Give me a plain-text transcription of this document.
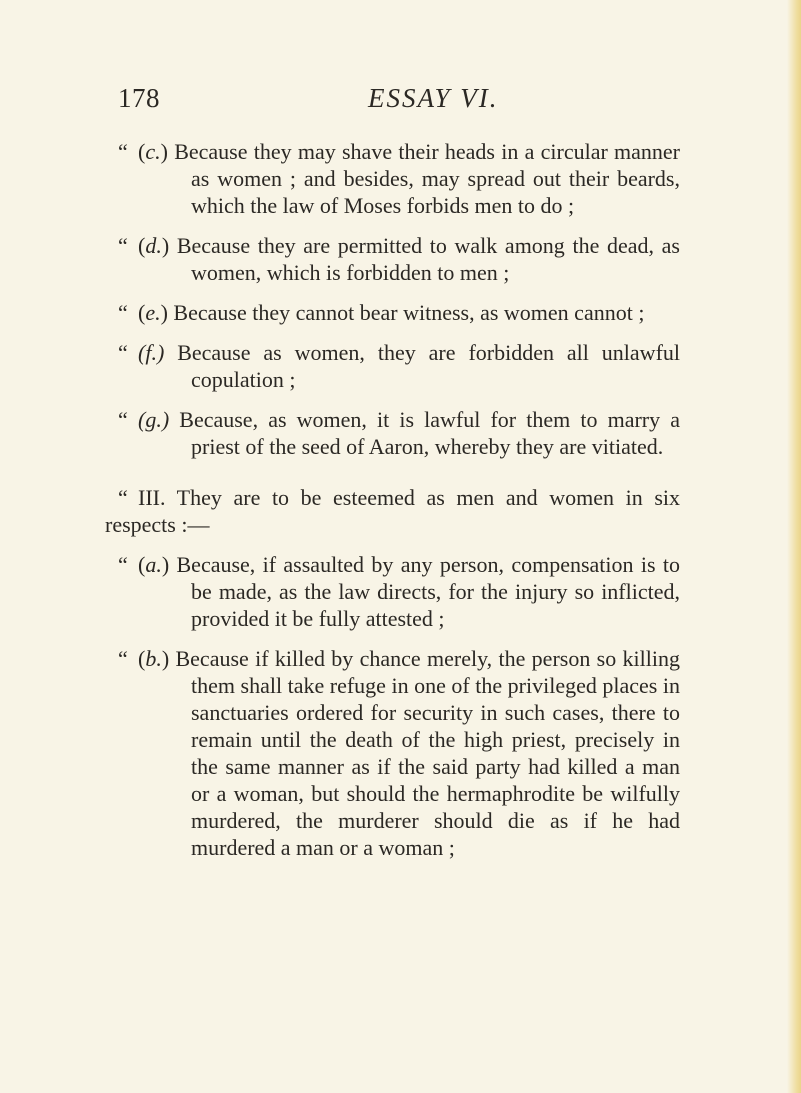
178	ESSAY VI.

“ (c.) Because they may shave their heads in a circular manner as women ; and besides, may spread out their beards, which the law of Moses forbids men to do ;

“ (d.) Because they are permitted to walk among the dead, as women, which is forbidden to men ;

“ (e.) Because they cannot bear witness, as women cannot ;

“ (f.) Because as women, they are forbidden all unlawful copulation ;

“ (g.) Because, as women, it is lawful for them to marry a priest of the seed of Aaron, whereby they are vitiated.

“ III. They are to be esteemed as men and women in six respects :—

“ (a.) Because, if assaulted by any person, compensation is to be made, as the law directs, for the injury so inflicted, provided it be fully attested ;

“ (b.) Because if killed by chance merely, the person so killing them shall take refuge in one of the privileged places in sanctuaries ordered for security in such cases, there to remain until the death of the high priest, precisely in the same manner as if the said party had killed a man or a woman, but should the hermaphrodite be wilfully murdered, the murderer should die as if he had murdered a man or a woman ;
